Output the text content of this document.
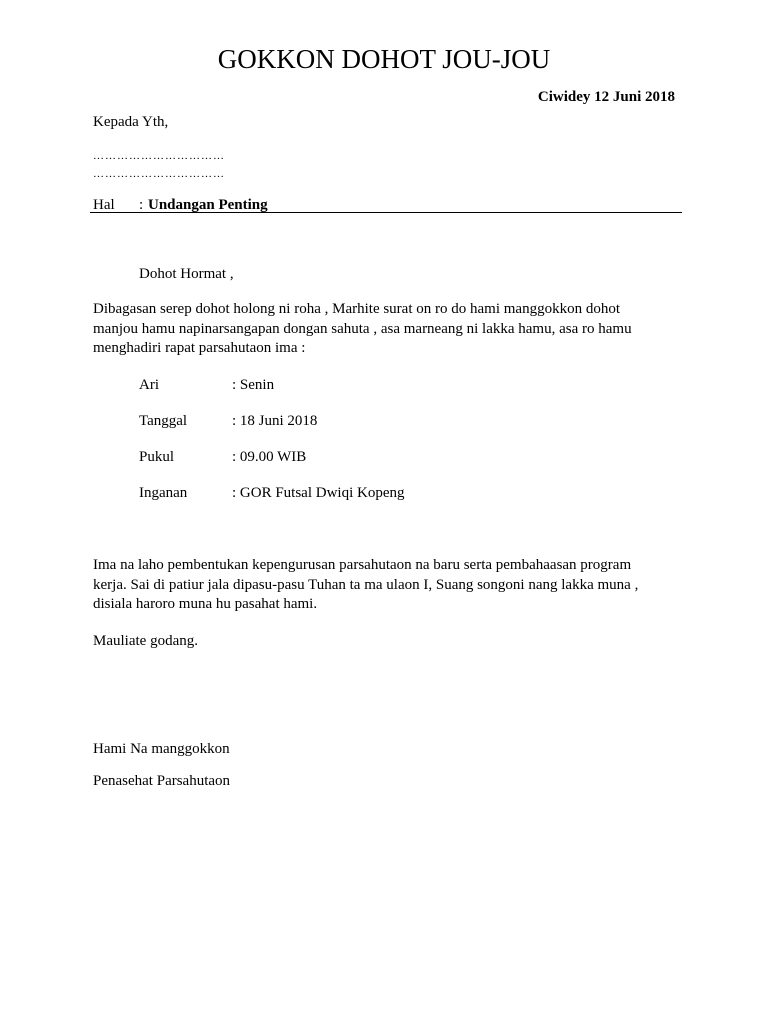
GOKKON DOHOT JOU-JOU
Ciwidey 12 Juni 2018
Kepada Yth,
……………………………
……………………………
Hal : Undangan Penting
Dohot Hormat ,
Dibagasan serep dohot holong ni roha , Marhite surat on ro do hami manggokkon dohot
manjou hamu napinarsangapan dongan sahuta , asa marneang ni lakka hamu, asa ro hamu
menghadiri rapat parsahutaon ima :
Ari	: Senin
Tanggal	: 18 Juni 2018
Pukul	: 09.00 WIB
Inganan	: GOR Futsal Dwiqi Kopeng
Ima na laho pembentukan kepengurusan parsahutaon na baru serta pembahaasan program
kerja. Sai di patiur jala dipasu-pasu Tuhan ta ma ulaon I, Suang songoni nang lakka muna ,
disiala haroro muna hu pasahat hami.
Mauliate godang.
Hami Na manggokkon
Penasehat Parsahutaon
